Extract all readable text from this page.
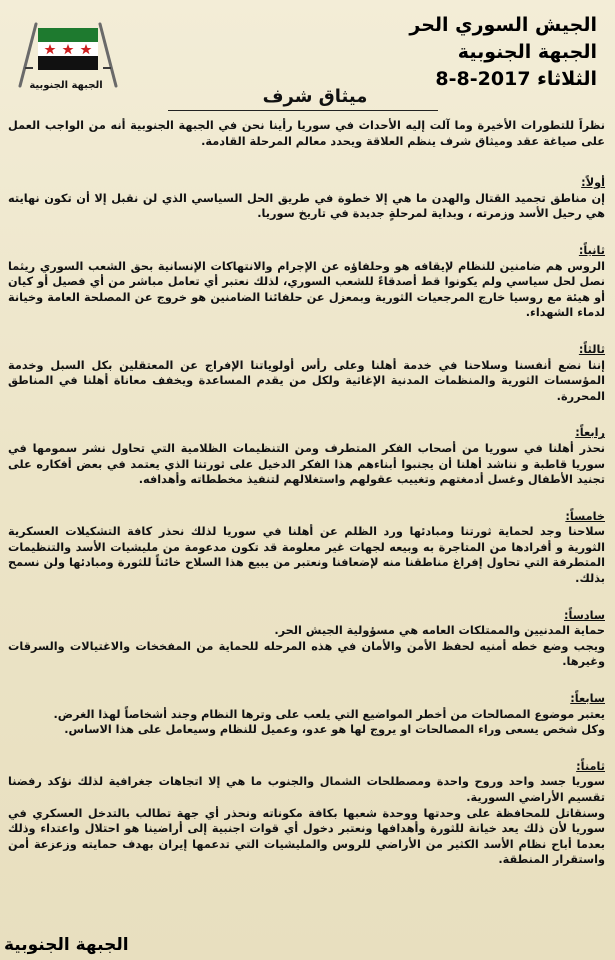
الجبهة الجنوبية
الجيش السوري الحر
الجبهة الجنوبية
الثلاثاء 2017-8-8
ميثاق شرف

نظراً للتطورات الأخيرة وما آلت إليه الأحداث في سوريا رأينا نحن في الجبهة الجنوبية أنه من الواجب العمل على صياغة عقد وميثاق شرف ينظم العلاقة ويحدد معالم المرحلة القادمة.

أولاً:

إن مناطق تجميد القتال والهدن ما هي إلا خطوة في طريق الحل السياسي الذي لن نقبل إلا أن تكون نهايته هي رحيل الأسد وزمرته ، وبداية لمرحلةٍ جديدة في تاريخ سوريا.

ثانياً:

الروس هم ضامنين للنظام لإيقافه هو وحلفاؤه عن الإجرام والانتهاكات الإنسانية بحق الشعب السوري ريثما نصل لحل سياسي ولم يكونوا قط أصدقاءً للشعب السوري، لذلك نعتبر أي تعامل مباشر من أي فصيل أو كيان أو هيئة مع روسيا خارج المرجعيات الثورية وبمعزل عن حلفائنا الضامنين هو خروج عن المصلحة العامة وخيانة لدماء الشهداء.

ثالثاً:

إننا نضع أنفسنا وسلاحنا في خدمة أهلنا وعلى رأس أولوياتنا الإفراج عن المعتقلين بكل السبل وخدمة المؤسسات الثورية والمنظمات المدنية الإغاثية ولكل من يقدم المساعدة ويخفف معاناة أهلنا في المناطق المحررة.

رابعاً:

نحذر أهلنا في سوريا من أصحاب الفكر المتطرف ومن التنظيمات الظلامية التي تحاول نشر سمومها في سوريا قاطبة و نناشد أهلنا أن يجنبوا أبناءهم هذا الفكر الدخيل على ثورتنا الذي يعتمد في بعض أفكاره على تجنيد الأطفال وغسل أدمغتهم وتغييب عقولهم واستغلالهم لتنفيذ مخططاته وأهدافه.

خامساً:

سلاحنا وجد لحماية ثورتنا ومبادئها ورد الظلم عن أهلنا في سوريا لذلك نحذر كافة التشكيلات العسكرية الثورية و أفرادها من المتاجرة به وبيعه لجهات غير معلومة قد تكون مدعومة من مليشيات الأسد والتنظيمات المتطرفة التي تحاول إفراغ مناطقنا منه لإضعافنا ونعتبر من يبيع هذا السلاح خائناً للثورة ومبادئها ولن نسمح بذلك.

سادساً:

حماية المدنيين والممتلكات العامه هي مسؤولية الجيش الحر.

ويجب وضع خطه أمنيه لحفظ الأمن والأمان في هذه المرحله للحماية من المفخخات والاغتيالات والسرقات وغيرها.

سابعاً:

يعتبر موضوع المصالحات من أخطر المواضيع التي يلعب على وترها النظام وجند أشخاصاً لهذا الغرض.

وكل شخص يسعى وراء المصالحات او يروج لها هو عدو، وعميل للنظام وسيعامل على هذا الاساس.

ثامناً:

سوريا جسد واحد وروح واحدة ومصطلحات الشمال والجنوب ما هي إلا اتجاهات جغرافية لذلك نؤكد رفضنا تقسيم الأراضي السورية.

وسنقاتل للمحافظة على وحدتها ووحدة شعبها بكافة مكوناته ونحذر أي جهة تطالب بالتدخل العسكري في سوريا لأن ذلك يعد خيانة للثورة وأهدافها ونعتبر دخول أي قوات اجنبية إلى أراضينا هو احتلال واعتداء وذلك بعدما أباح نظام الأسد الكثير من الأراضي للروس والمليشيات التي تدعمها إيران بهدف حمايته وزعزعة أمن واستقرار المنطقة.

الجبهة الجنوبية
